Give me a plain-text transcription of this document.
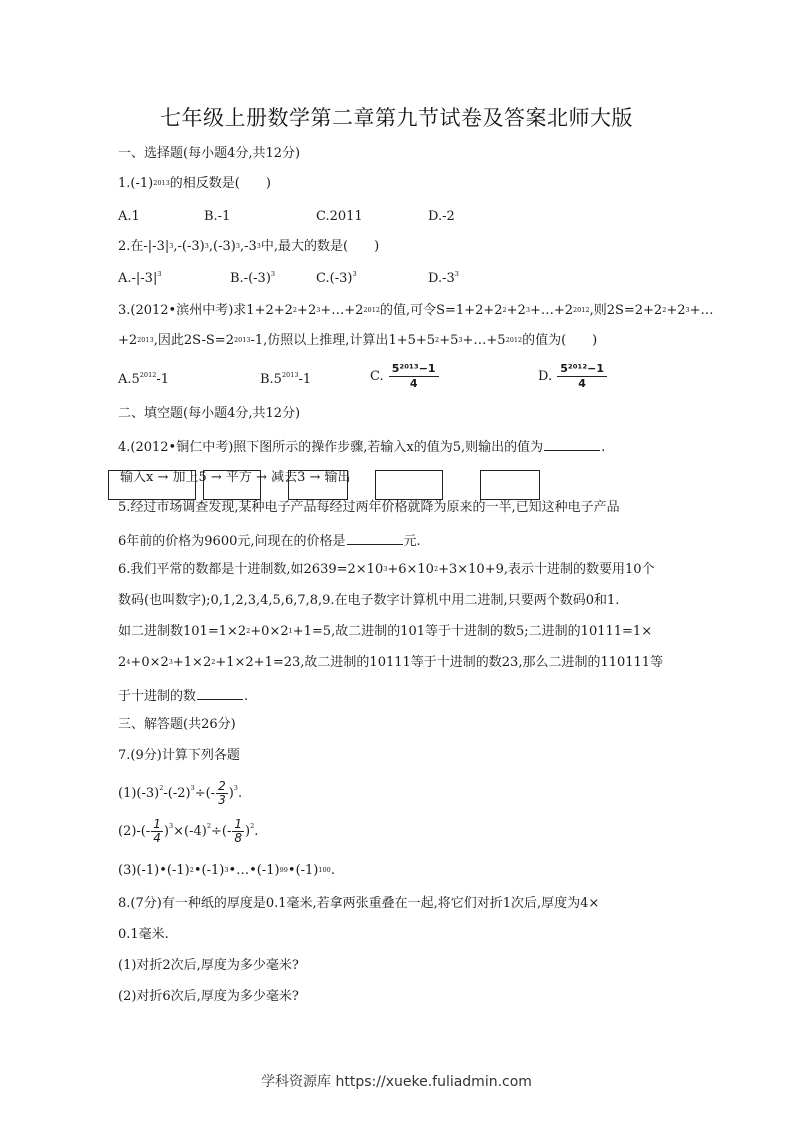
七年级上册数学第二章第九节试卷及答案北师大版
一、选择题(每小题4分,共12分)
$1.(-1)^{2013}$的相反数是(　　)
A.1	B.-1	C.2011	D.-2
2.在$-|-3|^3,-(-3)^3,(-3)^3,-3^3$中,最大的数是(　　)
$A.-|-3|^3$	$B.-(-3)^3$	$C.(-3)^3$	$D.-3^3$
3.(2012•滨州中考)求$1+2+2^2+2^3+\dots+2^{2012}$的值,可令$S=1+2+2^2+2^3+\dots+2^{2012}$,则$2S=2+2^2+2^3+\dots$
$+2^{2013}$,因此$2S-S=2^{2013}-1$,仿照以上推理,计算出$1+5+5^2+5^3+\dots+5^{2012}$的值为(　　)
$A.5^{2012}-1$	$B.5^{2013}-1$	C. $\frac{\text{5²⁰¹³−1}}{4}$	D. $\frac{\text{5²⁰¹²−1}}{4}$
二、填空题(每小题4分,共12分)
4.(2012•铜仁中考)照下图所示的操作步骤,若输入x的值为5,则输出的值为	.
输入x → 加上5 → 平方 → 减去3 → 输出
5.经过市场调查发现,某种电子产品每经过两年价格就降为原来的一半,已知这种电子产品
6年前的价格为9600元,问现在的价格是	元.
6.我们平常的数都是十进制数,如$2639=2\times 10^3+6\times 10^2+3\times 10+9$,表示十进制的数要用10个
数码(也叫数字);0,1,2,3,4,5,6,7,8,9.在电子数字计算机中用二进制,只要两个数码0和1.
如二进制数$101=1\times 2^2+0\times 2^1+1=5$,故二进制的101等于十进制的数5;二进制的10111=1×
$2^4+0\times 2^3+1\times 2^2+1\times 2+1=23$,故二进制的10111等于十进制的数23,那么二进制的110111等
于十进制的数	.
三、解答题(共26分)
7.(9分)计算下列各题
$(1)(-3)^2-(-2)^3\div(- \frac{2}{3} )^3$.
$(2)-(- \frac{1}{4} )^3\times(-4)^2\div(- \frac{1}{8} )^2$.
$(3)(-1)•(-1)^2•(-1)^3•\dots•(-1)^{99}•(-1)^{100}$.
8.(7分)有一种纸的厚度是0.1毫米,若拿两张重叠在一起,将它们对折1次后,厚度为4×
0.1毫米.
(1)对折2次后,厚度为多少毫米?
(2)对折6次后,厚度为多少毫米?
学科资源库 https://xueke.fuliadmin.com
